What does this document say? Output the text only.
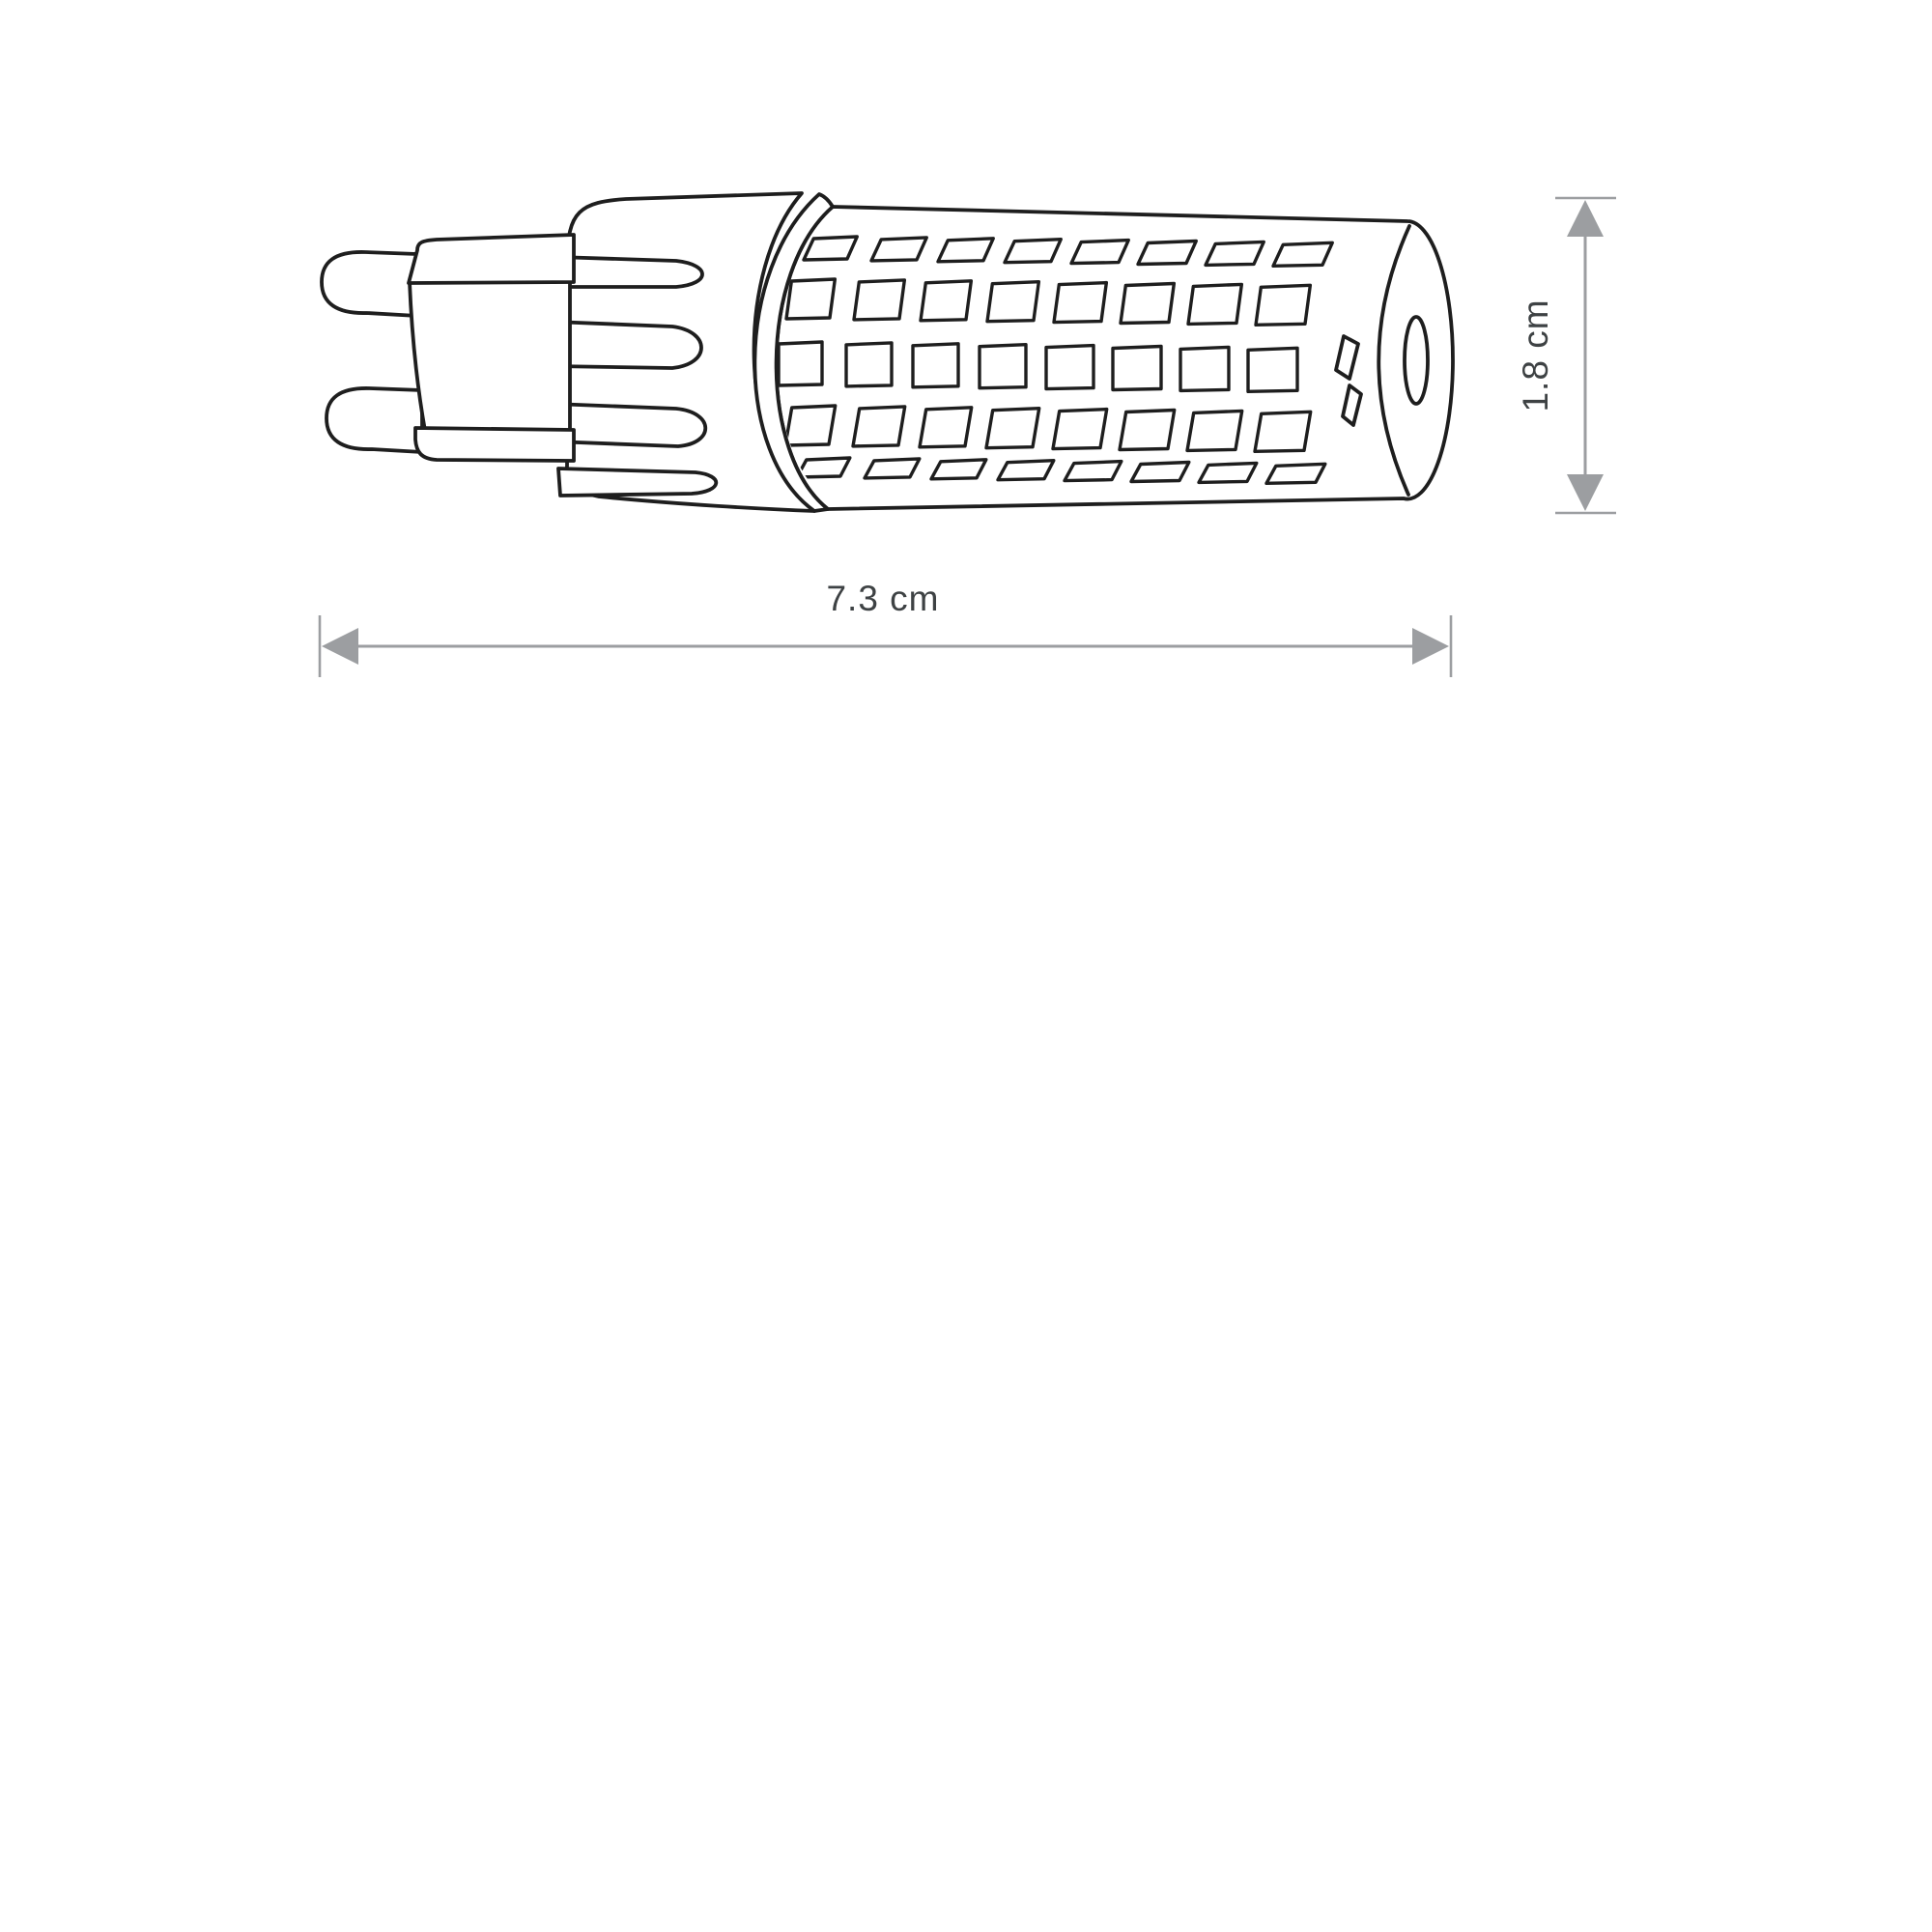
7.3 cm
1.8 cm
